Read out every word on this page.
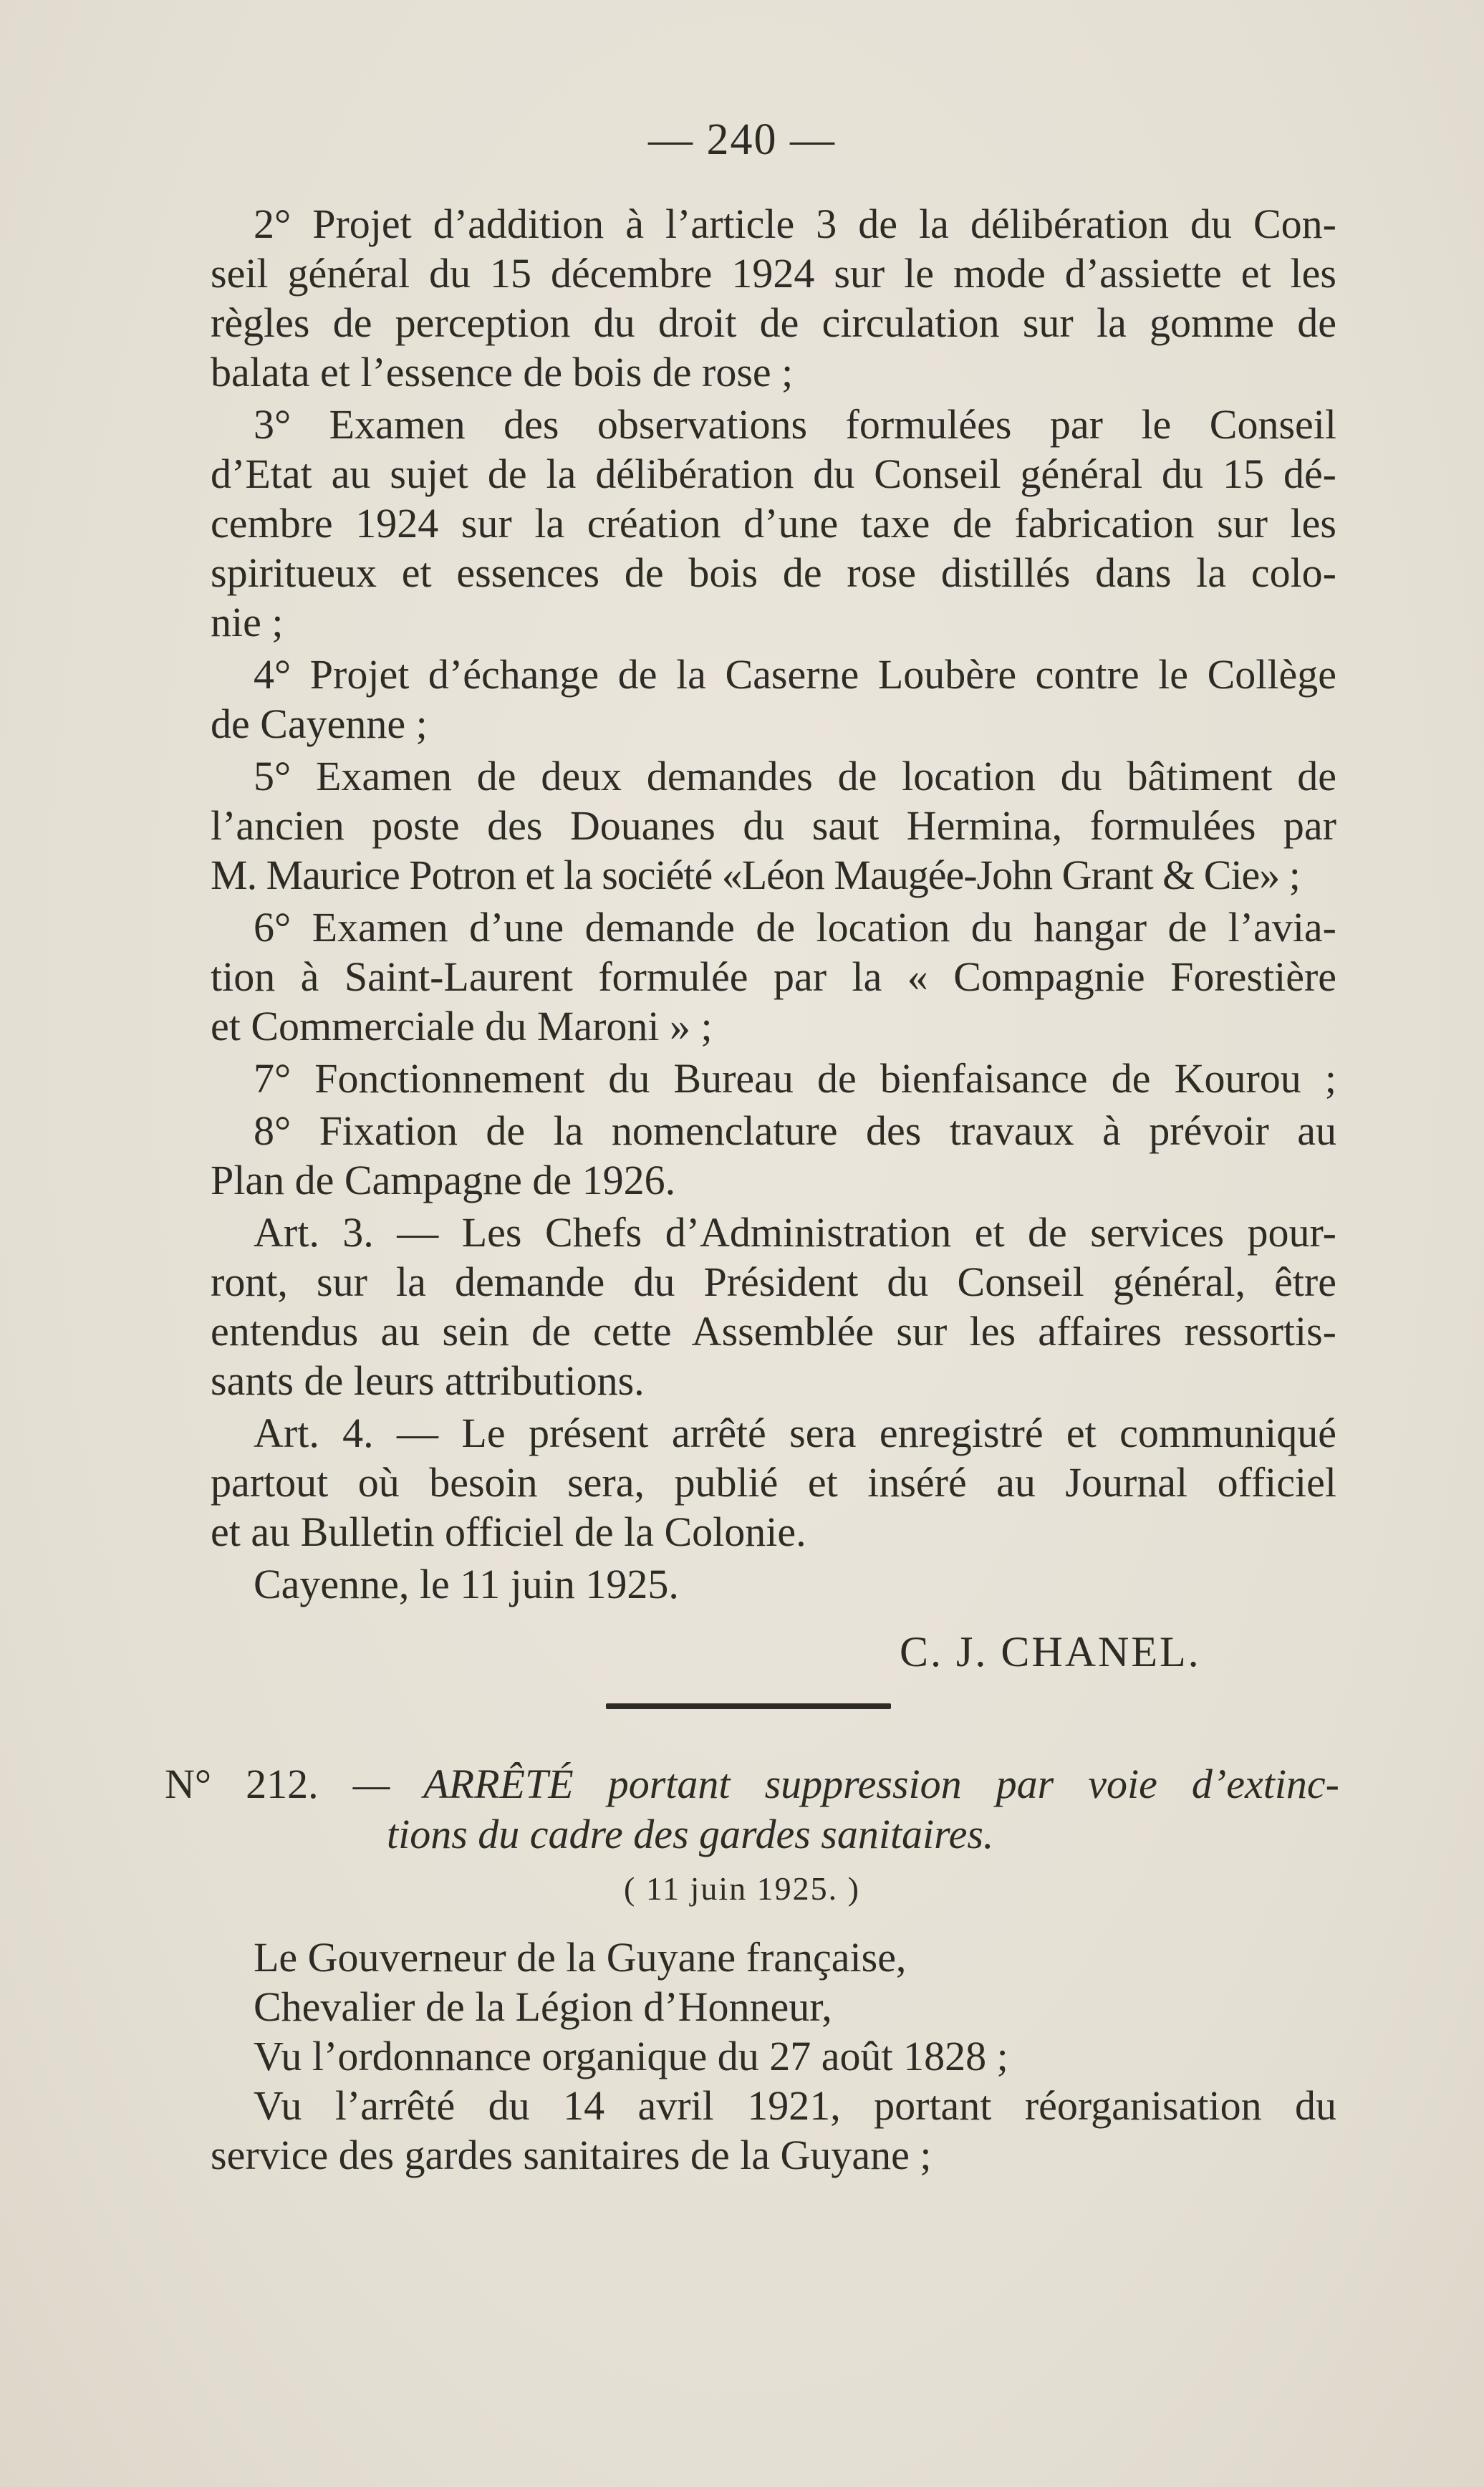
— 240 —
2° Projet d’addition à l’article 3 de la délibération du Con-
seil général du 15 décembre 1924 sur le mode d’assiette et les
règles de perception du droit de circulation sur la gomme de
balata et l’essence de bois de rose ;
3° Examen des observations formulées par le Conseil
d’Etat au sujet de la délibération du Conseil général du 15 dé-
cembre 1924 sur la création d’une taxe de fabrication sur les
spiritueux et essences de bois de rose distillés dans la colo-
nie ;
4° Projet d’échange de la Caserne Loubère contre le Collège
de Cayenne ;
5° Examen de deux demandes de location du bâtiment de
l’ancien poste des Douanes du saut Hermina, formulées par
M. Maurice Potron et la société «Léon Maugée-John Grant & Cie» ;
6° Examen d’une demande de location du hangar de l’avia-
tion à Saint-Laurent formulée par la « Compagnie Forestière
et Commerciale du Maroni » ;
7° Fonctionnement du Bureau de bienfaisance de Kourou ;
8° Fixation de la nomenclature des travaux à prévoir au
Plan de Campagne de 1926.
Art. 3. — Les Chefs d’Administration et de services pour-
ront, sur la demande du Président du Conseil général, être
entendus au sein de cette Assemblée sur les affaires ressortis-
sants de leurs attributions.
Art. 4. — Le présent arrêté sera enregistré et communiqué
partout où besoin sera, publié et inséré au Journal officiel
et au Bulletin officiel de la Colonie.
Cayenne, le 11 juin 1925.
C. J. CHANEL.
N° 212. — ARRÊTÉ portant suppression par voie d’extinc-
tions du cadre des gardes sanitaires.
( 11 juin 1925. )
Le Gouverneur de la Guyane française,
Chevalier de la Légion d’Honneur,
Vu l’ordonnance organique du 27 août 1828 ;
Vu l’arrêté du 14 avril 1921, portant réorganisation du
service des gardes sanitaires de la Guyane ;
